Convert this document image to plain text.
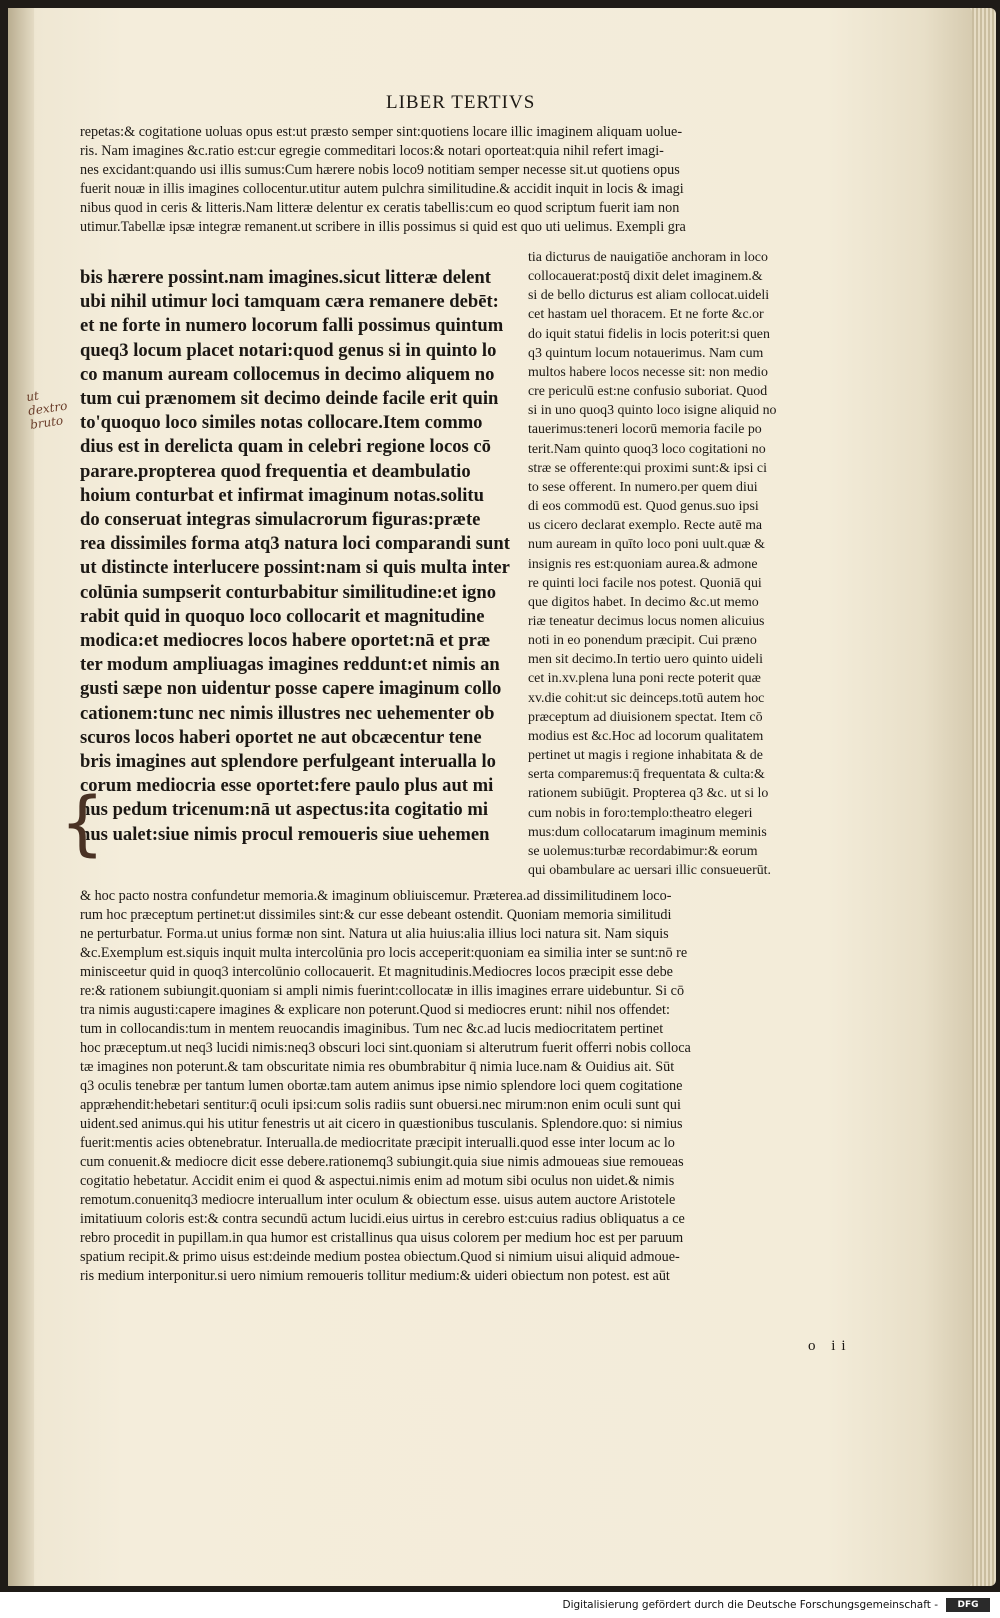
LIBER TERTIVS
repetas:& cogitatione uoluas opus est:ut præsto semper sint:quotiens locare illic imaginem aliquam uolue-
ris. Nam imagines &c.ratio est:cur egregie commeditari locos:& notari oporteat:quia nihil refert imagi-
nes excidant:quando usi illis sumus:Cum hærere nobis loco9 notitiam semper necesse sit.ut quotiens opus
fuerit nouæ in illis imagines collocentur.utitur autem pulchra similitudine.& accidit inquit in locis & imagi
nibus quod in ceris & litteris.Nam litteræ delentur ex ceratis tabellis:cum eo quod scriptum fuerit iam non
utimur.Tabellæ ipsæ integræ remanent.ut scribere in illis possimus si quid est quo uti uelimus. Exempli gra
bis hærere possint.nam imagines.sicut litteræ delent
ubi nihil utimur loci tamquam cæra remanere debēt:
et ne forte in numero locorum falli possimus quintum
queq3 locum placet notari:quod genus si in quinto lo
co manum auream collocemus in decimo aliquem no
tum cui prænomem sit decimo deinde facile erit quin
to'quoquo loco similes notas collocare.Item commo
dius est in derelicta quam in celebri regione locos cō
parare.propterea quod frequentia et deambulatio
hoium conturbat et infirmat imaginum notas.solitu
do conseruat integras simulacrorum figuras:præte
rea dissimiles forma atq3 natura loci comparandi sunt
ut distincte interlucere possint:nam si quis multa inter
colūnia sumpserit conturbabitur similitudine:et igno
rabit quid in quoquo loco collocarit et magnitudine
modica:et mediocres locos habere oportet:nā et præ
ter modum ampliuagas imagines reddunt:et nimis an
gusti sæpe non uidentur posse capere imaginum collo
cationem:tunc nec nimis illustres nec uehementer ob
scuros locos haberi oportet ne aut obcæcentur tene
bris imagines aut splendore perfulgeant interualla lo
corum mediocria esse oportet:fere paulo plus aut mi
nus pedum tricenum:nā ut aspectus:ita cogitatio mi
nus ualet:siue nimis procul remoueris siue uehemen
tia dicturus de nauigatiōe anchoram in loco
collocauerat:postq̄ dixit delet imaginem.&
si de bello dicturus est aliam collocat.uideli
cet hastam uel thoracem. Et ne forte &c.or
do iquit statui fidelis in locis poterit:si quen
q3 quintum locum notauerimus. Nam cum
multos habere locos necesse sit: non medio
cre periculū est:ne confusio suboriat. Quod
si in uno quoq3 quinto loco isigne aliquid no
tauerimus:teneri locorū memoria facile po
terit.Nam quinto quoq3 loco cogitationi no
stræ se offerente:qui proximi sunt:& ipsi ci
to sese offerent. In numero.per quem diui
di eos commodū est. Quod genus.suo ipsi
us cicero declarat exemplo. Recte autē ma
num auream in quīto loco poni uult.quæ &
insignis res est:quoniam aurea.& admone
re quinti loci facile nos potest. Quoniā qui
que digitos habet. In decimo &c.ut memo
riæ teneatur decimus locus nomen alicuius
noti in eo ponendum præcipit. Cui præno
men sit decimo.In tertio uero quinto uideli
cet in.xv.plena luna poni recte poterit quæ
xv.die cohit:ut sic deinceps.totū autem hoc
præceptum ad diuisionem spectat. Item cō
modius est &c.Hoc ad locorum qualitatem
pertinet ut magis i regione inhabitata & de
serta comparemus:q̄ frequentata & culta:&
rationem subiūgit. Propterea q3 &c. ut si lo
cum nobis in foro:templo:theatro elegeri
mus:dum collocatarum imaginum meminis
se uolemus:turbæ recordabimur:& eorum
qui obambulare ac uersari illic consueuerūt.
& hoc pacto nostra confundetur memoria.& imaginum obliuiscemur. Præterea.ad dissimilitudinem loco-
rum hoc præceptum pertinet:ut dissimiles sint:& cur esse debeant ostendit. Quoniam memoria similitudi
ne perturbatur. Forma.ut unius formæ non sint. Natura ut alia huius:alia illius loci natura sit. Nam siquis
&c.Exemplum est.siquis inquit multa intercolūnia pro locis acceperit:quoniam ea similia inter se sunt:nō re
minisceetur quid in quoq3 intercolūnio collocauerit. Et magnitudinis.Mediocres locos præcipit esse debe
re:& rationem subiungit.quoniam si ampli nimis fuerint:collocatæ in illis imagines errare uidebuntur. Si cō
tra nimis augusti:capere imagines & explicare non poterunt.Quod si mediocres erunt: nihil nos offendet:
tum in collocandis:tum in mentem reuocandis imaginibus. Tum nec &c.ad lucis mediocritatem pertinet
hoc præceptum.ut neq3 lucidi nimis:neq3 obscuri loci sint.quoniam si alterutrum fuerit offerri nobis colloca
tæ imagines non poterunt.& tam obscuritate nimia res obumbrabitur q̄ nimia luce.nam & Ouidius ait. Sūt
q3 oculis tenebræ per tantum lumen obortæ.tam autem animus ipse nimio splendore loci quem cogitatione
appræhendit:hebetari sentitur:q̄ oculi ipsi:cum solis radiis sunt obuersi.nec mirum:non enim oculi sunt qui
uident.sed animus.qui his utitur fenestris ut ait cicero in quæstionibus tusculanis. Splendore.quo: si nimius
fuerit:mentis acies obtenebratur. Interualla.de mediocritate præcipit interualli.quod esse inter locum ac lo
cum conuenit.& mediocre dicit esse debere.rationemq3 subiungit.quia siue nimis admoueas siue remoueas
cogitatio hebetatur. Accidit enim ei quod & aspectui.nimis enim ad motum sibi oculus non uidet.& nimis
remotum.conuenitq3 mediocre interuallum inter oculum & obiectum esse. uisus autem auctore Aristotele
imitatiuum coloris est:& contra secundū actum lucidi.eius uirtus in cerebro est:cuius radius obliquatus a ce
rebro procedit in pupillam.in qua humor est cristallinus qua uisus colorem per medium hoc est per paruum
spatium recipit.& primo uisus est:deinde medium postea obiectum.Quod si nimium uisui aliquid admoue-
ris medium interponitur.si uero nimium remoueris tollitur medium:& uideri obiectum non potest. est aūt
ut dextro bruto
{
o ii
Digitalisierung gefördert durch die Deutsche Forschungsgemeinschaft -	DFG
